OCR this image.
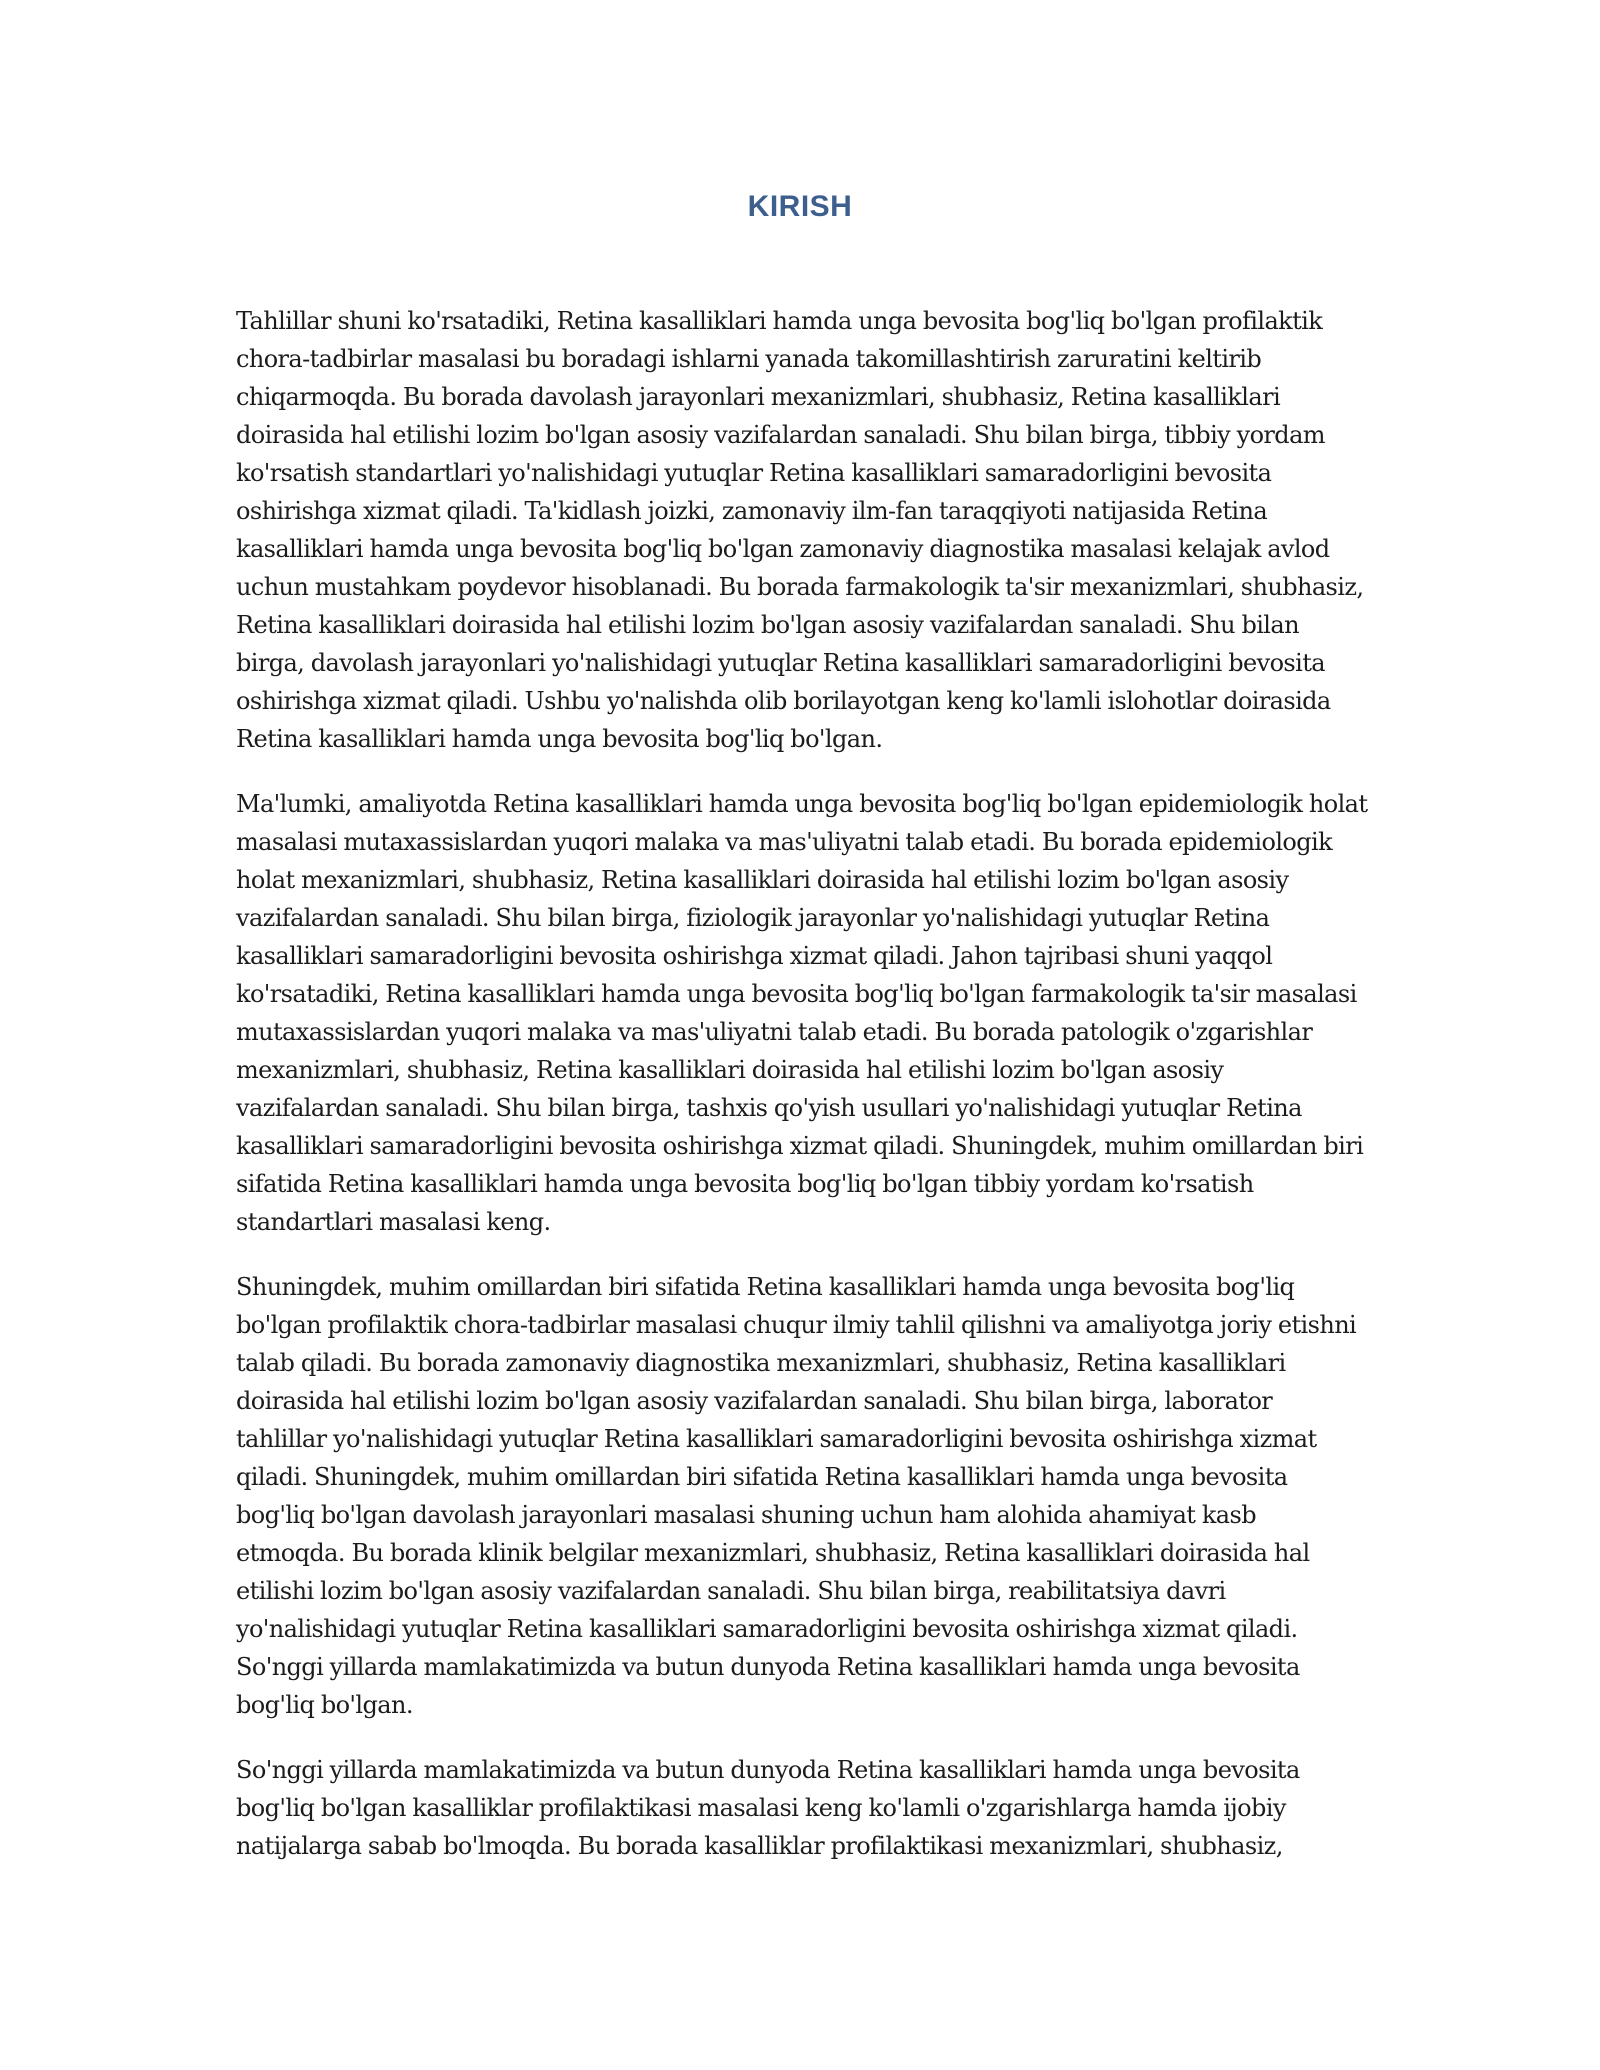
KIRISH

Tahlillar shuni ko'rsatadiki, Retina kasalliklari hamda unga bevosita bog'liq bo'lgan profilaktik chora-tadbirlar masalasi bu boradagi ishlarni yanada takomillashtirish zaruratini keltirib chiqarmoqda. Bu borada davolash jarayonlari mexanizmlari, shubhasiz, Retina kasalliklari doirasida hal etilishi lozim bo'lgan asosiy vazifalardan sanaladi. Shu bilan birga, tibbiy yordam ko'rsatish standartlari yo'nalishidagi yutuqlar Retina kasalliklari samaradorligini bevosita oshirishga xizmat qiladi. Ta'kidlash joizki, zamonaviy ilm-fan taraqqiyoti natijasida Retina kasalliklari hamda unga bevosita bog'liq bo'lgan zamonaviy diagnostika masalasi kelajak avlod uchun mustahkam poydevor hisoblanadi. Bu borada farmakologik ta'sir mexanizmlari, shubhasiz, Retina kasalliklari doirasida hal etilishi lozim bo'lgan asosiy vazifalardan sanaladi. Shu bilan birga, davolash jarayonlari yo'nalishidagi yutuqlar Retina kasalliklari samaradorligini bevosita oshirishga xizmat qiladi. Ushbu yo'nalishda olib borilayotgan keng ko'lamli islohotlar doirasida Retina kasalliklari hamda unga bevosita bog'liq bo'lgan.

Ma'lumki, amaliyotda Retina kasalliklari hamda unga bevosita bog'liq bo'lgan epidemiologik holat masalasi mutaxassislardan yuqori malaka va mas'uliyatni talab etadi. Bu borada epidemiologik holat mexanizmlari, shubhasiz, Retina kasalliklari doirasida hal etilishi lozim bo'lgan asosiy vazifalardan sanaladi. Shu bilan birga, fiziologik jarayonlar yo'nalishidagi yutuqlar Retina kasalliklari samaradorligini bevosita oshirishga xizmat qiladi. Jahon tajribasi shuni yaqqol ko'rsatadiki, Retina kasalliklari hamda unga bevosita bog'liq bo'lgan farmakologik ta'sir masalasi mutaxassislardan yuqori malaka va mas'uliyatni talab etadi. Bu borada patologik o'zgarishlar mexanizmlari, shubhasiz, Retina kasalliklari doirasida hal etilishi lozim bo'lgan asosiy vazifalardan sanaladi. Shu bilan birga, tashxis qo'yish usullari yo'nalishidagi yutuqlar Retina kasalliklari samaradorligini bevosita oshirishga xizmat qiladi. Shuningdek, muhim omillardan biri sifatida Retina kasalliklari hamda unga bevosita bog'liq bo'lgan tibbiy yordam ko'rsatish standartlari masalasi keng.

Shuningdek, muhim omillardan biri sifatida Retina kasalliklari hamda unga bevosita bog'liq bo'lgan profilaktik chora-tadbirlar masalasi chuqur ilmiy tahlil qilishni va amaliyotga joriy etishni talab qiladi. Bu borada zamonaviy diagnostika mexanizmlari, shubhasiz, Retina kasalliklari doirasida hal etilishi lozim bo'lgan asosiy vazifalardan sanaladi. Shu bilan birga, laborator tahlillar yo'nalishidagi yutuqlar Retina kasalliklari samaradorligini bevosita oshirishga xizmat qiladi. Shuningdek, muhim omillardan biri sifatida Retina kasalliklari hamda unga bevosita bog'liq bo'lgan davolash jarayonlari masalasi shuning uchun ham alohida ahamiyat kasb etmoqda. Bu borada klinik belgilar mexanizmlari, shubhasiz, Retina kasalliklari doirasida hal etilishi lozim bo'lgan asosiy vazifalardan sanaladi. Shu bilan birga, reabilitatsiya davri yo'nalishidagi yutuqlar Retina kasalliklari samaradorligini bevosita oshirishga xizmat qiladi. So'nggi yillarda mamlakatimizda va butun dunyoda Retina kasalliklari hamda unga bevosita bog'liq bo'lgan.

So'nggi yillarda mamlakatimizda va butun dunyoda Retina kasalliklari hamda unga bevosita bog'liq bo'lgan kasalliklar profilaktikasi masalasi keng ko'lamli o'zgarishlarga hamda ijobiy natijalarga sabab bo'lmoqda. Bu borada kasalliklar profilaktikasi mexanizmlari, shubhasiz,
